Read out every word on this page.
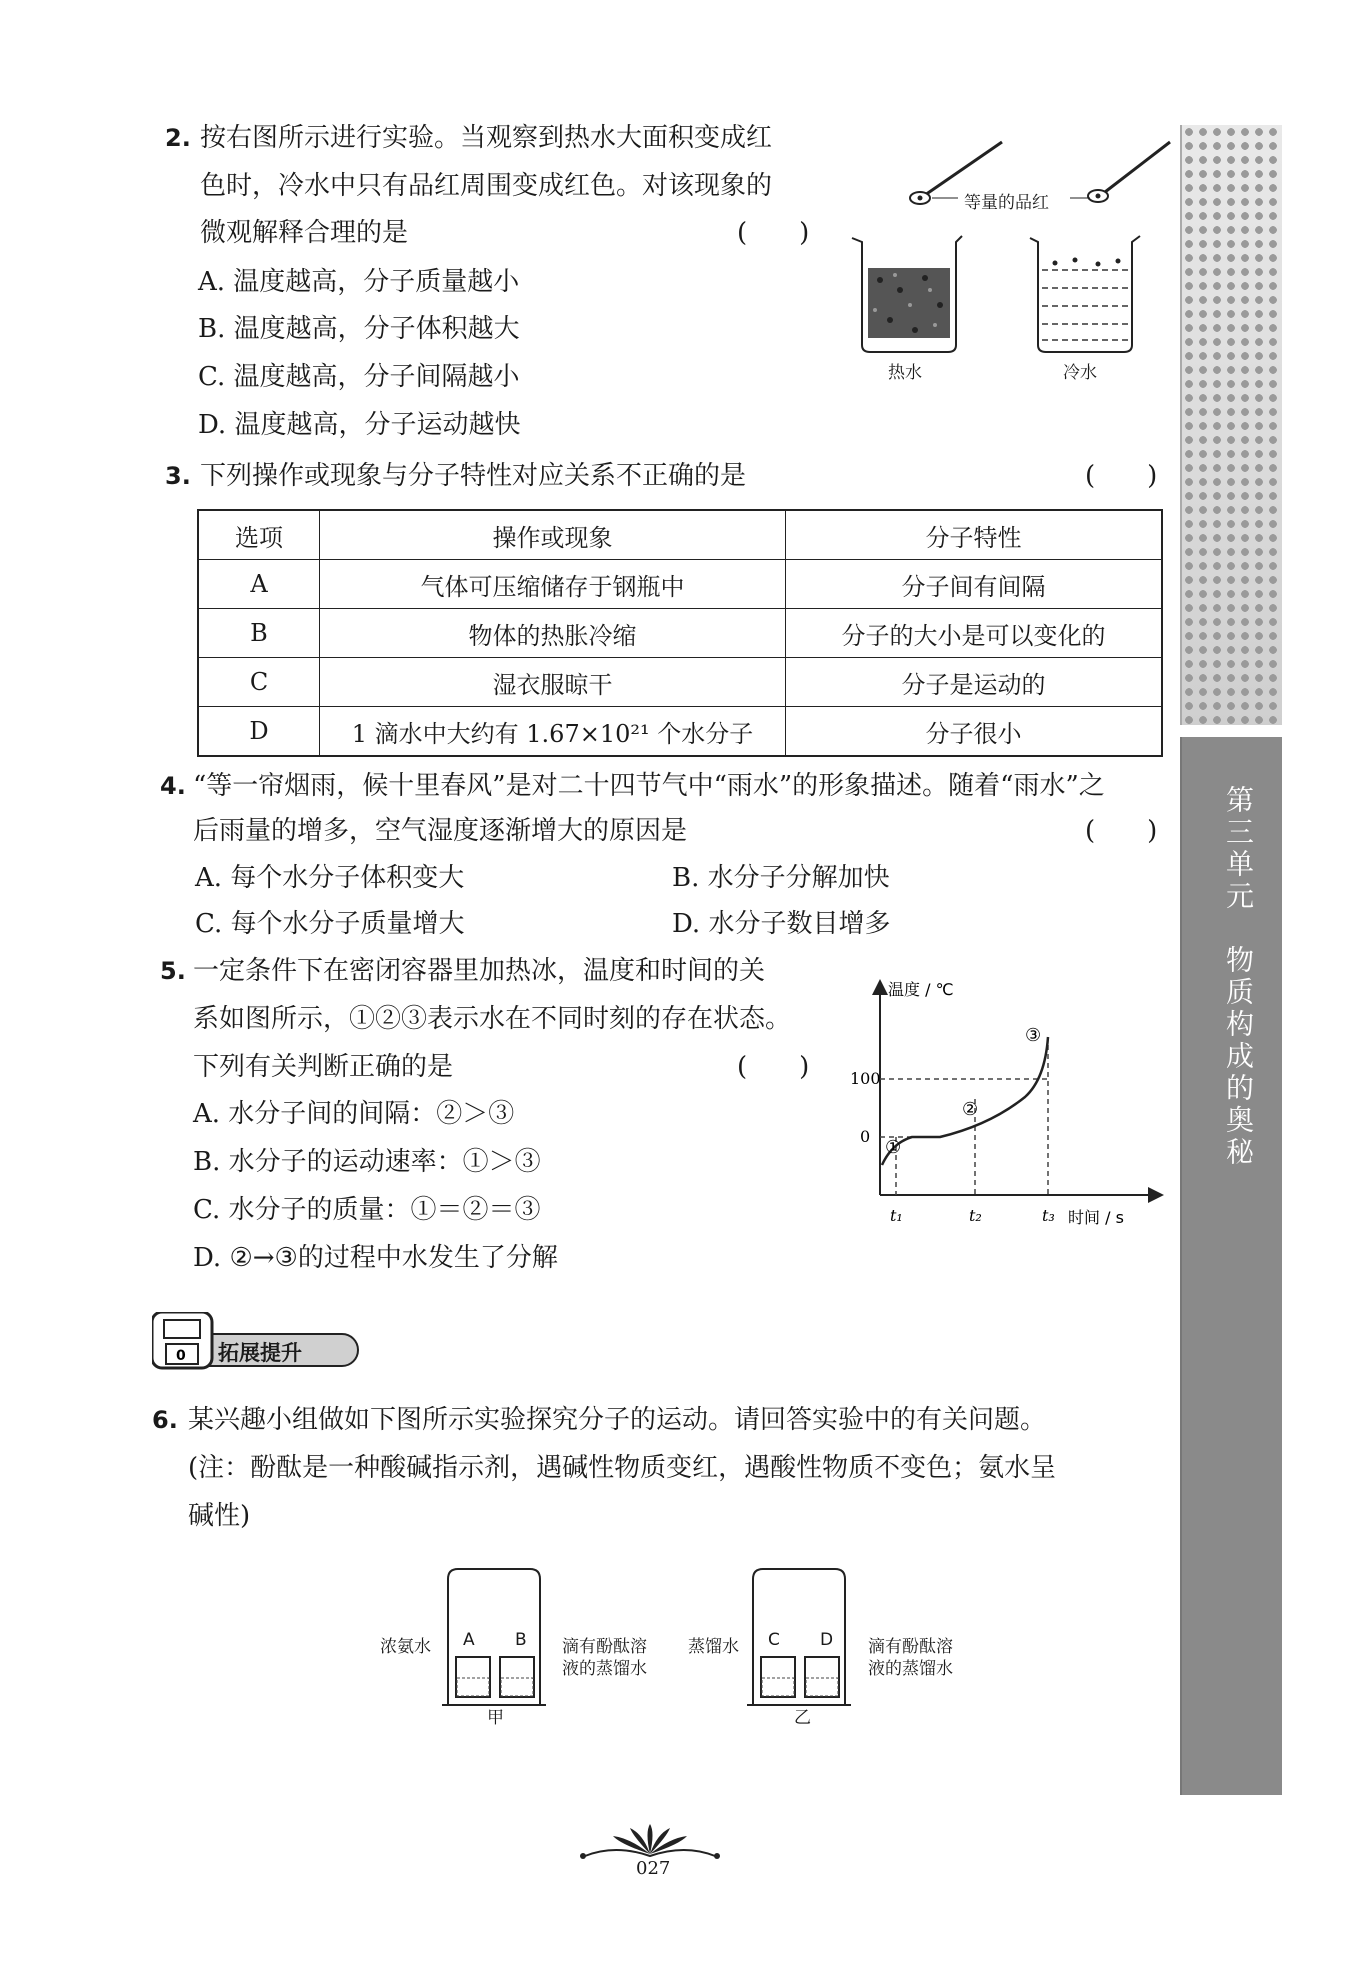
2. 按右图所示进行实验。当观察到热水大面积变成红
色时，冷水中只有品红周围变成红色。对该现象的
微观解释合理的是	(　　)
A. 温度越高，分子质量越小
B. 温度越高，分子体积越大
C. 温度越高，分子间隔越小
D. 温度越高，分子运动越快
等量的品红
热水	冷水
3. 下列操作或现象与分子特性对应关系不正确的是	(　　)
选项	操作或现象	分子特性
A	气体可压缩储存于钢瓶中	分子间有间隔
B	物体的热胀冷缩	分子的大小是可以变化的
C	湿衣服晾干	分子是运动的
D	1 滴水中大约有 1.67×10²¹ 个水分子	分子很小
4. “等一帘烟雨，候十里春风”是对二十四节气中“雨水”的形象描述。随着“雨水”之
后雨量的增多，空气湿度逐渐增大的原因是	(　　)
A. 每个水分子体积变大	B. 水分子分解加快
C. 每个水分子质量增大	D. 水分子数目增多
5. 一定条件下在密闭容器里加热冰，温度和时间的关
系如图所示，①②③表示水在不同时刻的存在状态。
下列有关判断正确的是	(　　)
A. 水分子间的间隔：②＞③
B. 水分子的运动速率：①＞③
C. 水分子的质量：①＝②＝③
D. ②→③的过程中水发生了分解
100
0
温度 / ℃
时间 / s
t₁	t₂	t₃
①
②
③
0 拓展提升
6. 某兴趣小组做如下图所示实验探究分子的运动。请回答实验中的有关问题。
(注：酚酞是一种酸碱指示剂，遇碱性物质变红，遇酸性物质不变色；氨水呈
碱性)
浓氨水 A B 滴有酚酞溶
液的蒸馏水
甲
蒸馏水 C D 滴有酚酞溶
液的蒸馏水
乙
第三单元　物质构成的奥秘
027
